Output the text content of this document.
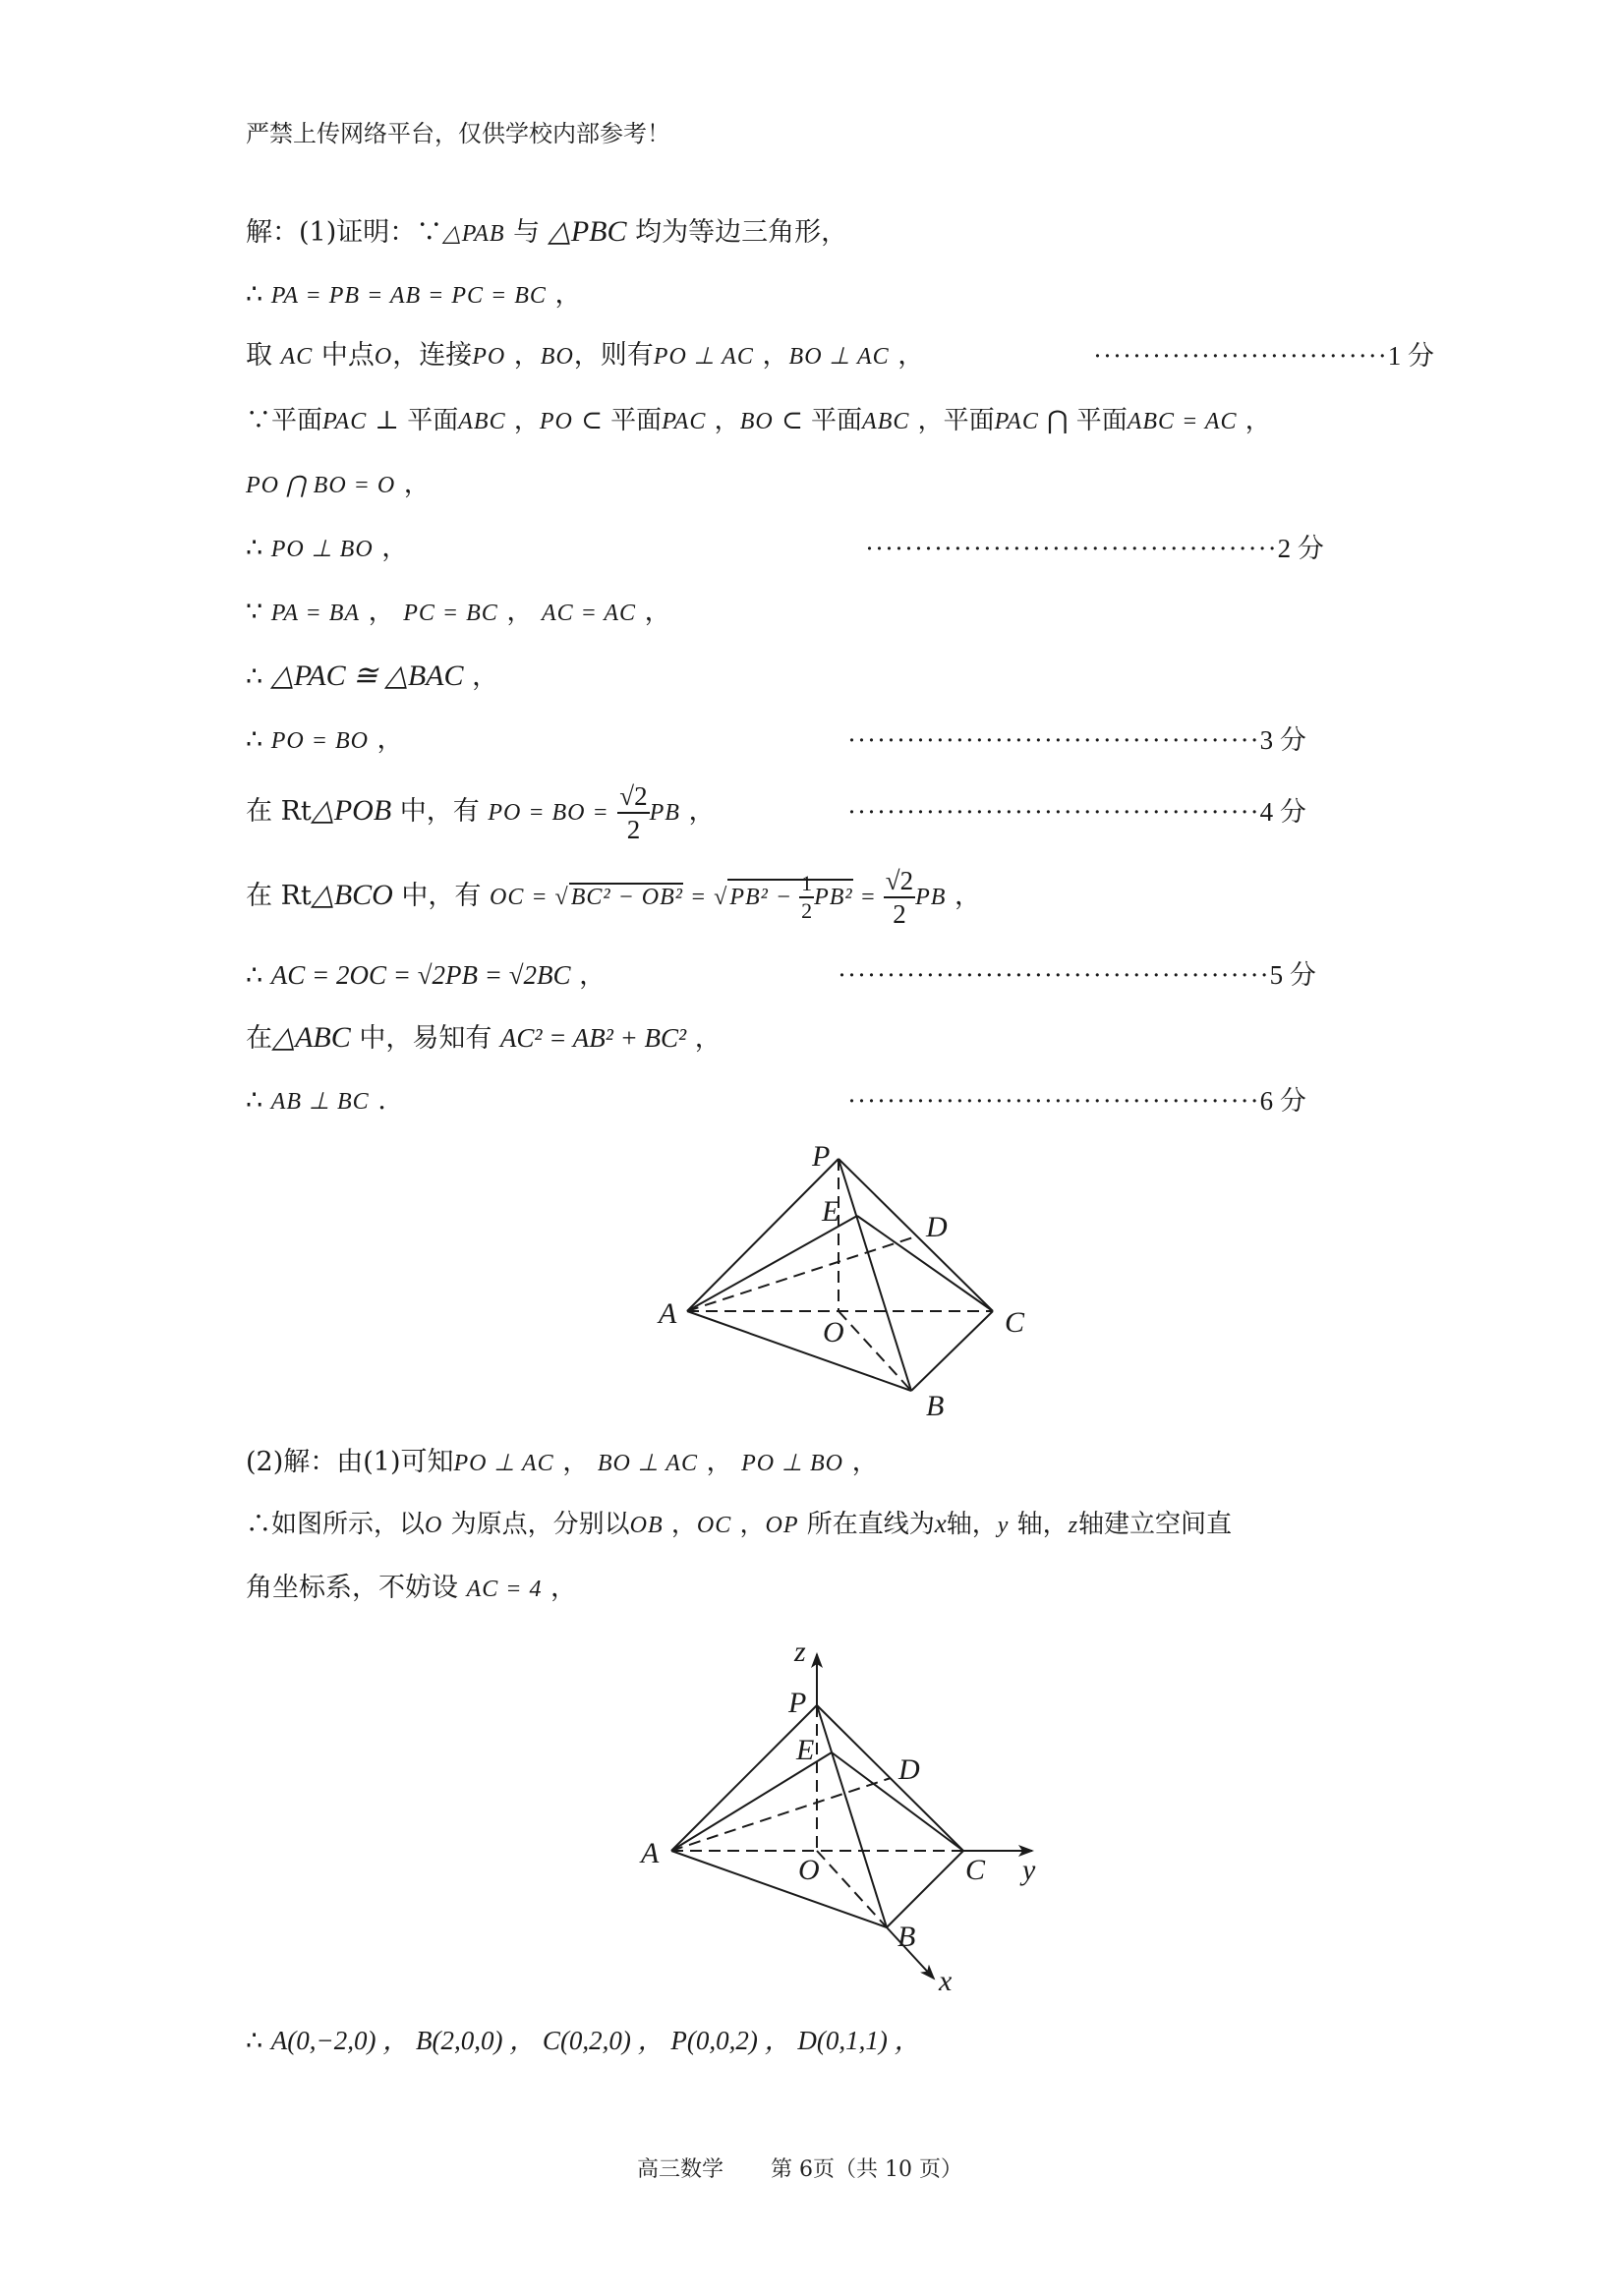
严禁上传网络平台，仅供学校内部参考！
解：(1)证明：∵△PAB 与 △PBC 均为等边三角形，
∴ PA = PB = AB = PC = BC ，
取 AC 中点O，连接PO ，BO，则有PO ⊥ AC ，BO ⊥ AC ，	······························1 分
∵平面PAC ⊥ 平面ABC ，PO ⊂ 平面PAC ，BO ⊂ 平面ABC ，平面PAC ⋂ 平面ABC = AC ，
PO ⋂ BO = O ，
∴ PO ⊥ BO ，	··········································2 分
∵ PA = BA ， PC = BC ， AC = AC ，
∴ △PAC ≅ △BAC ，
∴ PO = BO ，	··········································3 分
在 Rt△POB 中，有 PO = BO = $\frac{√2}{2}$ PB ，	··········································4 分
在 Rt△BCO 中，有 OC = $√BC^2 - OB^2 = √PB^2 - \frac{1}{2} PB^2 = \frac{√2}{2}$ PB ，
∴ AC = 2OC = √2PB = √2BC ，	············································5 分
在△ABC 中，易知有 AC² = AB² + BC² ，
∴ AB ⊥ BC .	··········································6 分
P
E	D
A
O	C
B
(2)解：由(1)可知PO ⊥ AC ， BO ⊥ AC ， PO ⊥ BO ，
∴如图所示，以O 为原点，分别以OB ，OC ，OP 所在直线为x轴，y 轴，z轴建立空间直
角坐标系，不妨设 AC = 4 ，
z
P
E
D
A
O	C y
B
x
∴ A(0,−2,0) ， B(2,0,0) ， C(0,2,0) ， P(0,0,2) ， D(0,1,1) ，
高三数学 第 6页（共 10 页）
